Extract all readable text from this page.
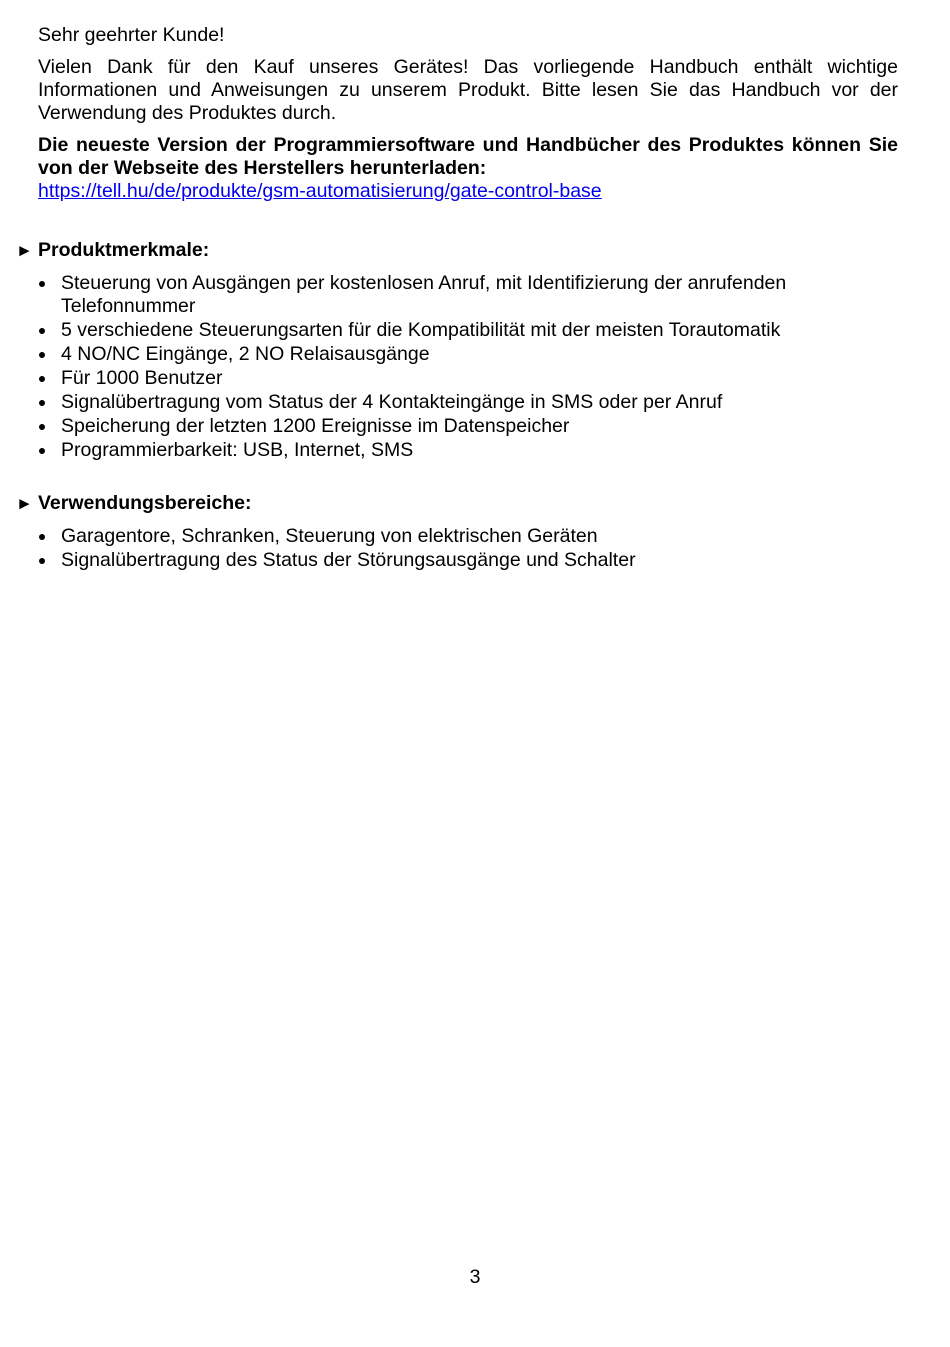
Sehr geehrter Kunde!

Vielen Dank für den Kauf unseres Gerätes! Das vorliegende Handbuch enthält wichtige Informationen und Anweisungen zu unserem Produkt. Bitte lesen Sie das Handbuch vor der Verwendung des Produktes durch.

Die neueste Version der Programmiersoftware und Handbücher des Produktes können Sie von der Webseite des Herstellers herunterladen:

https://tell.hu/de/produkte/gsm-automatisierung/gate-control-base
► Produktmerkmale:
Steuerung von Ausgängen per kostenlosen Anruf, mit Identifizierung der anrufenden Telefonnummer
5 verschiedene Steuerungsarten für die Kompatibilität mit der meisten Torautomatik
4 NO/NC Eingänge, 2 NO Relaisausgänge
Für 1000 Benutzer
Signalübertragung vom Status der 4 Kontakteingänge in SMS oder per Anruf
Speicherung der letzten 1200 Ereignisse im Datenspeicher
Programmierbarkeit: USB, Internet, SMS
► Verwendungsbereiche:
Garagentore, Schranken, Steuerung von elektrischen Geräten
Signalübertragung des Status der Störungsausgänge und Schalter
3
